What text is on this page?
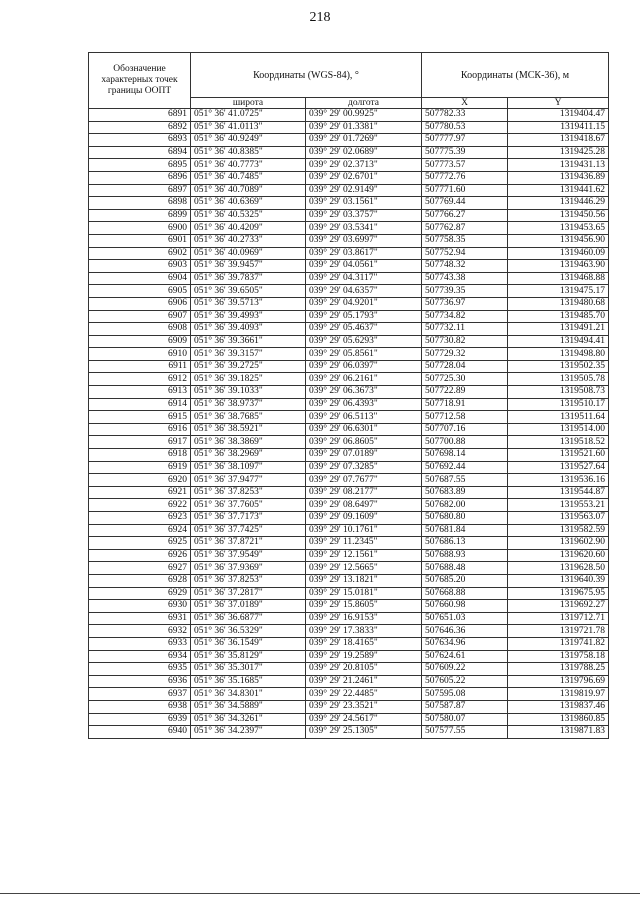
218
Обозначение характерных точек границы ООПТ	Координаты (WGS-84), °		Координаты (МСК-36), м	
	широта	долгота	X	Y
6891	051° 36' 41.0725"	039° 29' 00.9925"	507782.33	1319404.47
6892	051° 36' 41.0113"	039° 29' 01.3381"	507780.53	1319411.15
6893	051° 36' 40.9249"	039° 29' 01.7269"	507777.97	1319418.67
6894	051° 36' 40.8385"	039° 29' 02.0689"	507775.39	1319425.28
6895	051° 36' 40.7773"	039° 29' 02.3713"	507773.57	1319431.13
6896	051° 36' 40.7485"	039° 29' 02.6701"	507772.76	1319436.89
6897	051° 36' 40.7089"	039° 29' 02.9149"	507771.60	1319441.62
6898	051° 36' 40.6369"	039° 29' 03.1561"	507769.44	1319446.29
6899	051° 36' 40.5325"	039° 29' 03.3757"	507766.27	1319450.56
6900	051° 36' 40.4209"	039° 29' 03.5341"	507762.87	1319453.65
6901	051° 36' 40.2733"	039° 29' 03.6997"	507758.35	1319456.90
6902	051° 36' 40.0969"	039° 29' 03.8617"	507752.94	1319460.09
6903	051° 36' 39.9457"	039° 29' 04.0561"	507748.32	1319463.90
6904	051° 36' 39.7837"	039° 29' 04.3117"	507743.38	1319468.88
6905	051° 36' 39.6505"	039° 29' 04.6357"	507739.35	1319475.17
6906	051° 36' 39.5713"	039° 29' 04.9201"	507736.97	1319480.68
6907	051° 36' 39.4993"	039° 29' 05.1793"	507734.82	1319485.70
6908	051° 36' 39.4093"	039° 29' 05.4637"	507732.11	1319491.21
6909	051° 36' 39.3661"	039° 29' 05.6293"	507730.82	1319494.41
6910	051° 36' 39.3157"	039° 29' 05.8561"	507729.32	1319498.80
6911	051° 36' 39.2725"	039° 29' 06.0397"	507728.04	1319502.35
6912	051° 36' 39.1825"	039° 29' 06.2161"	507725.30	1319505.78
6913	051° 36' 39.1033"	039° 29' 06.3673"	507722.89	1319508.73
6914	051° 36' 38.9737"	039° 29' 06.4393"	507718.91	1319510.17
6915	051° 36' 38.7685"	039° 29' 06.5113"	507712.58	1319511.64
6916	051° 36' 38.5921"	039° 29' 06.6301"	507707.16	1319514.00
6917	051° 36' 38.3869"	039° 29' 06.8605"	507700.88	1319518.52
6918	051° 36' 38.2969"	039° 29' 07.0189"	507698.14	1319521.60
6919	051° 36' 38.1097"	039° 29' 07.3285"	507692.44	1319527.64
6920	051° 36' 37.9477"	039° 29' 07.7677"	507687.55	1319536.16
6921	051° 36' 37.8253"	039° 29' 08.2177"	507683.89	1319544.87
6922	051° 36' 37.7605"	039° 29' 08.6497"	507682.00	1319553.21
6923	051° 36' 37.7173"	039° 29' 09.1609"	507680.80	1319563.07
6924	051° 36' 37.7425"	039° 29' 10.1761"	507681.84	1319582.59
6925	051° 36' 37.8721"	039° 29' 11.2345"	507686.13	1319602.90
6926	051° 36' 37.9549"	039° 29' 12.1561"	507688.93	1319620.60
6927	051° 36' 37.9369"	039° 29' 12.5665"	507688.48	1319628.50
6928	051° 36' 37.8253"	039° 29' 13.1821"	507685.20	1319640.39
6929	051° 36' 37.2817"	039° 29' 15.0181"	507668.88	1319675.95
6930	051° 36' 37.0189"	039° 29' 15.8605"	507660.98	1319692.27
6931	051° 36' 36.6877"	039° 29' 16.9153"	507651.03	1319712.71
6932	051° 36' 36.5329"	039° 29' 17.3833"	507646.36	1319721.78
6933	051° 36' 36.1549"	039° 29' 18.4165"	507634.96	1319741.82
6934	051° 36' 35.8129"	039° 29' 19.2589"	507624.61	1319758.18
6935	051° 36' 35.3017"	039° 29' 20.8105"	507609.22	1319788.25
6936	051° 36' 35.1685"	039° 29' 21.2461"	507605.22	1319796.69
6937	051° 36' 34.8301"	039° 29' 22.4485"	507595.08	1319819.97
6938	051° 36' 34.5889"	039° 29' 23.3521"	507587.87	1319837.46
6939	051° 36' 34.3261"	039° 29' 24.5617"	507580.07	1319860.85
6940	051° 36' 34.2397"	039° 29' 25.1305"	507577.55	1319871.83
